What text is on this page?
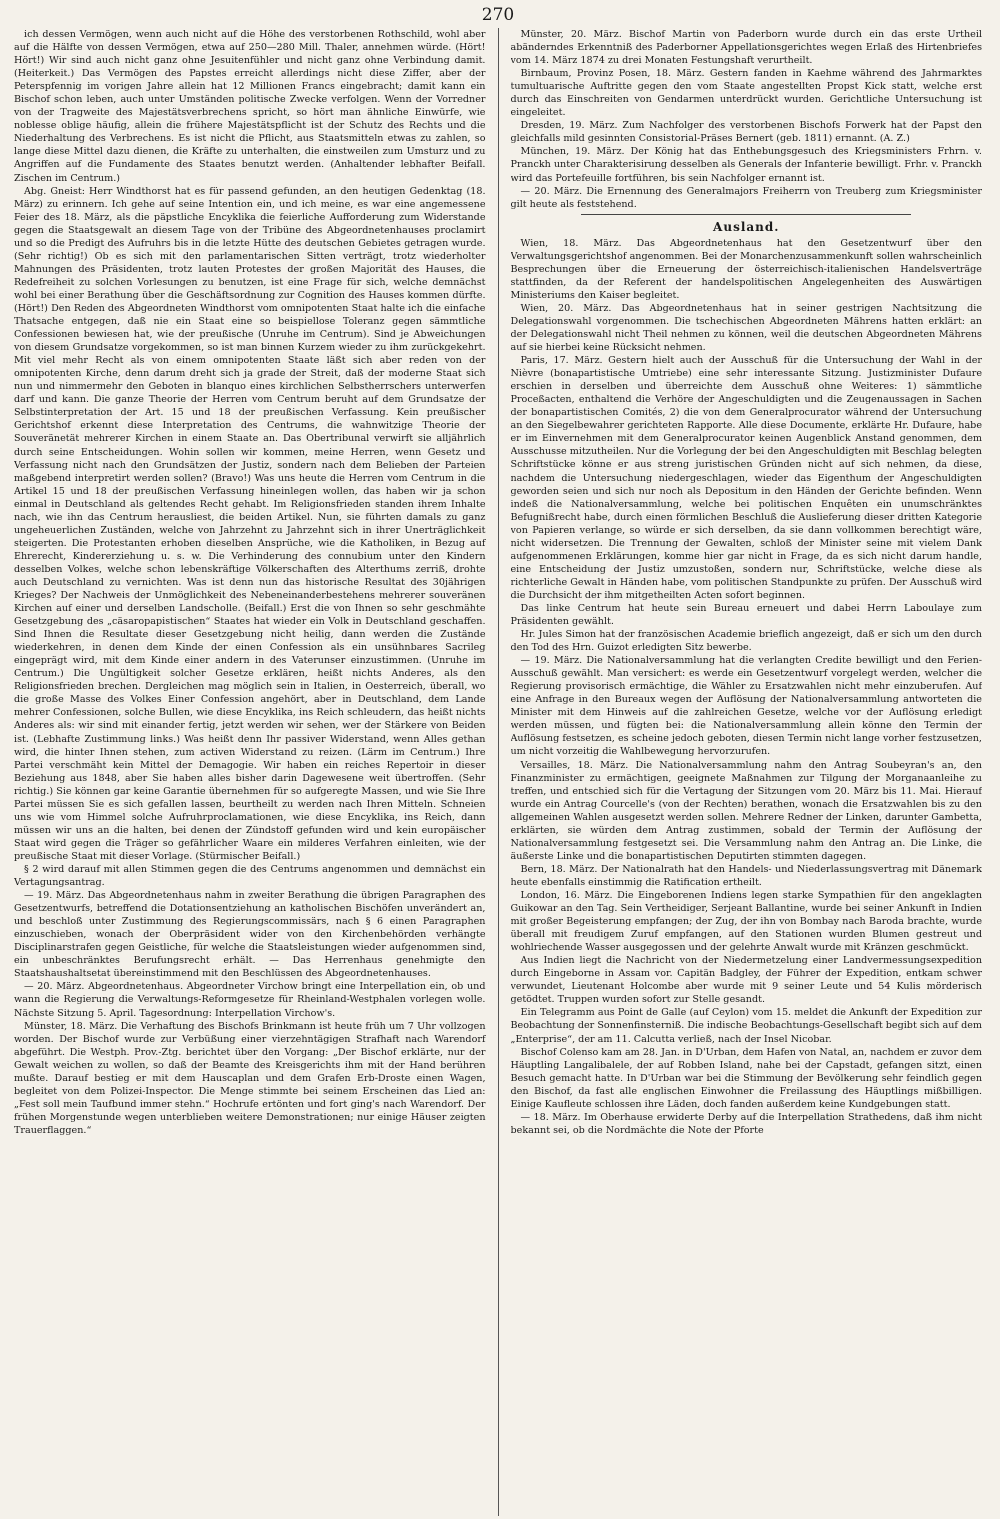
270

ich dessen Vermögen, wenn auch nicht auf die Höhe des verstorbenen Rothschild, wohl aber auf die Hälfte von dessen Vermögen, etwa auf 250—280 Mill. Thaler, annehmen würde. (Hört! Hört!) Wir sind auch nicht ganz ohne Jesuitenfühler und nicht ganz ohne Verbindung damit. (Heiterkeit.) Das Vermögen des Papstes erreicht allerdings nicht diese Ziffer, aber der Peterspfennig im vorigen Jahre allein hat 12 Millionen Francs eingebracht; damit kann ein Bischof schon leben, auch unter Umständen politische Zwecke verfolgen. Wenn der Vorredner von der Tragweite des Majestätsverbrechens spricht, so hört man ähnliche Einwürfe, wie noblesse oblige häufig, allein die frühere Majestätspflicht ist der Schutz des Rechts und die Niederhaltung des Verbrechens. Es ist nicht die Pflicht, aus Staatsmitteln etwas zu zahlen, so lange diese Mittel dazu dienen, die Kräfte zu unterhalten, die einstweilen zum Umsturz und zu Angriffen auf die Fundamente des Staates benutzt werden. (Anhaltender lebhafter Beifall. Zischen im Centrum.)

Abg. Gneist: Herr Windthorst hat es für passend gefunden, an den heutigen Gedenktag (18. März) zu erinnern. Ich gehe auf seine Intention ein, und ich meine, es war eine angemessene Feier des 18. März, als die päpstliche Encyklika die feierliche Aufforderung zum Widerstande gegen die Staatsgewalt an diesem Tage von der Tribüne des Abgeordnetenhauses proclamirt und so die Predigt des Aufruhrs bis in die letzte Hütte des deutschen Gebietes getragen wurde. (Sehr richtig!) Ob es sich mit den parlamentarischen Sitten verträgt, trotz wiederholter Mahnungen des Präsidenten, trotz lauten Protestes der großen Majorität des Hauses, die Redefreiheit zu solchen Vorlesungen zu benutzen, ist eine Frage für sich, welche demnächst wohl bei einer Berathung über die Geschäftsordnung zur Cognition des Hauses kommen dürfte. (Hört!) Den Reden des Abgeordneten Windthorst vom omnipotenten Staat halte ich die einfache Thatsache entgegen, daß nie ein Staat eine so beispiellose Toleranz gegen sämmtliche Confessionen bewiesen hat, wie der preußische (Unruhe im Centrum). Sind je Abweichungen von diesem Grundsatze vorgekommen, so ist man binnen Kurzem wieder zu ihm zurückgekehrt. Mit viel mehr Recht als von einem omnipotenten Staate läßt sich aber reden von der omnipotenten Kirche, denn darum dreht sich ja grade der Streit, daß der moderne Staat sich nun und nimmermehr den Geboten in blanquo eines kirchlichen Selbstherrschers unterwerfen darf und kann. Die ganze Theorie der Herren vom Centrum beruht auf dem Grundsatze der Selbstinterpretation der Art. 15 und 18 der preußischen Verfassung. Kein preußischer Gerichtshof erkennt diese Interpretation des Centrums, die wahnwitzige Theorie der Souveränetät mehrerer Kirchen in einem Staate an. Das Obertribunal verwirft sie alljährlich durch seine Entscheidungen. Wohin sollen wir kommen, meine Herren, wenn Gesetz und Verfassung nicht nach den Grundsätzen der Justiz, sondern nach dem Belieben der Parteien maßgebend interpretirt werden sollen? (Bravo!) Was uns heute die Herren vom Centrum in die Artikel 15 und 18 der preußischen Verfassung hineinlegen wollen, das haben wir ja schon einmal in Deutschland als geltendes Recht gehabt. Im Religionsfrieden standen ihrem Inhalte nach, wie ihn das Centrum herausliest, die beiden Artikel. Nun, sie führten damals zu ganz ungeheuerlichen Zuständen, welche von Jahrzehnt zu Jahrzehnt sich in ihrer Unerträglichkeit steigerten. Die Protestanten erhoben dieselben Ansprüche, wie die Katholiken, in Bezug auf Ehrerecht, Kindererziehung u. s. w. Die Verhinderung des connubium unter den Kindern desselben Volkes, welche schon lebenskräftige Völkerschaften des Alterthums zerriß, drohte auch Deutschland zu vernichten. Was ist denn nun das historische Resultat des 30jährigen Krieges? Der Nachweis der Unmöglichkeit des Nebeneinanderbestehens mehrerer souveränen Kirchen auf einer und derselben Landscholle. (Beifall.) Erst die von Ihnen so sehr geschmähte Gesetzgebung des „cäsaropapistischen“ Staates hat wieder ein Volk in Deutschland geschaffen. Sind Ihnen die Resultate dieser Gesetzgebung nicht heilig, dann werden die Zustände wiederkehren, in denen dem Kinde der einen Confession als ein unsühnbares Sacrileg eingeprägt wird, mit dem Kinde einer andern in des Vaterunser einzustimmen. (Unruhe im Centrum.) Die Ungültigkeit solcher Gesetze erklären, heißt nichts Anderes, als den Religionsfrieden brechen. Dergleichen mag möglich sein in Italien, in Oesterreich, überall, wo die große Masse des Volkes Einer Confession angehört, aber in Deutschland, dem Lande mehrer Confessionen, solche Bullen, wie diese Encyklika, ins Reich schleudern, das heißt nichts Anderes als: wir sind mit einander fertig, jetzt werden wir sehen, wer der Stärkere von Beiden ist. (Lebhafte Zustimmung links.) Was heißt denn Ihr passiver Widerstand, wenn Alles gethan wird, die hinter Ihnen stehen, zum activen Widerstand zu reizen. (Lärm im Centrum.) Ihre Partei verschmäht kein Mittel der Demagogie. Wir haben ein reiches Repertoir in dieser Beziehung aus 1848, aber Sie haben alles bisher darin Dagewesene weit übertroffen. (Sehr richtig.) Sie können gar keine Garantie übernehmen für so aufgeregte Massen, und wie Sie Ihre Partei müssen Sie es sich gefallen lassen, beurtheilt zu werden nach Ihren Mitteln. Schneien uns wie vom Himmel solche Aufruhrproclamationen, wie diese Encyklika, ins Reich, dann müssen wir uns an die halten, bei denen der Zündstoff gefunden wird und kein europäischer Staat wird gegen die Träger so gefährlicher Waare ein milderes Verfahren einleiten, wie der preußische Staat mit dieser Vorlage. (Stürmischer Beifall.)

§ 2 wird darauf mit allen Stimmen gegen die des Centrums angenommen und demnächst ein Vertagungsantrag.

— 19. März. Das Abgeordnetenhaus nahm in zweiter Berathung die übrigen Paragraphen des Gesetzentwurfs, betreffend die Dotationsentziehung an katholischen Bischöfen unverändert an, und beschloß unter Zustimmung des Regierungscommissärs, nach § 6 einen Paragraphen einzuschieben, wonach der Oberpräsident wider von den Kirchenbehörden verhängte Disciplinarstrafen gegen Geistliche, für welche die Staatsleistungen wieder aufgenommen sind, ein unbeschränktes Berufungsrecht erhält. — Das Herrenhaus genehmigte den Staatshaushaltsetat übereinstimmend mit den Beschlüssen des Abgeordnetenhauses.

— 20. März. Abgeordnetenhaus. Abgeordneter Virchow bringt eine Interpellation ein, ob und wann die Regierung die Verwaltungs-Reformgesetze für Rheinland-Westphalen vorlegen wolle. Nächste Sitzung 5. April. Tagesordnung: Interpellation Virchow's.

Münster, 18. März. Die Verhaftung des Bischofs Brinkmann ist heute früh um 7 Uhr vollzogen worden. Der Bischof wurde zur Verbüßung einer vierzehntägigen Strafhaft nach Warendorf abgeführt. Die Westph. Prov.-Ztg. berichtet über den Vorgang: „Der Bischof erklärte, nur der Gewalt weichen zu wollen, so daß der Beamte des Kreisgerichts ihm mit der Hand berühren mußte. Darauf bestieg er mit dem Hauscaplan und dem Grafen Erb-Droste einen Wagen, begleitet von dem Polizei-Inspector. Die Menge stimmte bei seinem Erscheinen das Lied an: „Fest soll mein Taufbund immer stehn.“ Hochrufe ertönten und fort ging's nach Warendorf. Der frühen Morgenstunde wegen unterblieben weitere Demonstrationen; nur einige Häuser zeigten Trauerflaggen.“

Münster, 20. März. Bischof Martin von Paderborn wurde durch ein das erste Urtheil abänderndes Erkenntniß des Paderborner Appellationsgerichtes wegen Erlaß des Hirtenbriefes vom 14. März 1874 zu drei Monaten Festungshaft verurtheilt.

Birnbaum, Provinz Posen, 18. März. Gestern fanden in Kaehme während des Jahrmarktes tumultuarische Auftritte gegen den vom Staate angestellten Propst Kick statt, welche erst durch das Einschreiten von Gendarmen unterdrückt wurden. Gerichtliche Untersuchung ist eingeleitet.

Dresden, 19. März. Zum Nachfolger des verstorbenen Bischofs Forwerk hat der Papst den gleichfalls mild gesinnten Consistorial-Präses Bernert (geb. 1811) ernannt. (A. Z.)

München, 19. März. Der König hat das Enthebungsgesuch des Kriegsministers Frhrn. v. Pranckh unter Charakterisirung desselben als Generals der Infanterie bewilligt. Frhr. v. Pranckh wird das Portefeuille fortführen, bis sein Nachfolger ernannt ist.

— 20. März. Die Ernennung des Generalmajors Freiherrn von Treuberg zum Kriegsminister gilt heute als feststehend.

Ausland.

Wien, 18. März. Das Abgeordnetenhaus hat den Gesetzentwurf über den Verwaltungsgerichtshof angenommen. Bei der Monarchenzusammenkunft sollen wahrscheinlich Besprechungen über die Erneuerung der österreichisch-italienischen Handelsverträge stattfinden, da der Referent der handelspolitischen Angelegenheiten des Auswärtigen Ministeriums den Kaiser begleitet.

Wien, 20. März. Das Abgeordnetenhaus hat in seiner gestrigen Nachtsitzung die Delegationswahl vorgenommen. Die tschechischen Abgeordneten Mährens hatten erklärt: an der Delegationswahl nicht Theil nehmen zu können, weil die deutschen Abgeordneten Mährens auf sie hierbei keine Rücksicht nehmen.

Paris, 17. März. Gestern hielt auch der Ausschuß für die Untersuchung der Wahl in der Nièvre (bonapartistische Umtriebe) eine sehr interessante Sitzung. Justizminister Dufaure erschien in derselben und überreichte dem Ausschuß ohne Weiteres: 1) sämmtliche Proceßacten, enthaltend die Verhöre der Angeschuldigten und die Zeugenaussagen in Sachen der bonapartistischen Comités, 2) die von dem Generalprocurator während der Untersuchung an den Siegelbewahrer gerichteten Rapporte. Alle diese Documente, erklärte Hr. Dufaure, habe er im Einvernehmen mit dem Generalprocurator keinen Augenblick Anstand genommen, dem Ausschusse mitzutheilen. Nur die Vorlegung der bei den Angeschuldigten mit Beschlag belegten Schriftstücke könne er aus streng juristischen Gründen nicht auf sich nehmen, da diese, nachdem die Untersuchung niedergeschlagen, wieder das Eigenthum der Angeschuldigten geworden seien und sich nur noch als Depositum in den Händen der Gerichte befinden. Wenn indeß die Nationalversammlung, welche bei politischen Enquêten ein unumschränktes Befugnißrecht habe, durch einen förmlichen Beschluß die Auslieferung dieser dritten Kategorie von Papieren verlange, so würde er sich derselben, da sie dann vollkommen berechtigt wäre, nicht widersetzen. Die Trennung der Gewalten, schloß der Minister seine mit vielem Dank aufgenommenen Erklärungen, komme hier gar nicht in Frage, da es sich nicht darum handle, eine Entscheidung der Justiz umzustoßen, sondern nur, Schriftstücke, welche diese als richterliche Gewalt in Händen habe, vom politischen Standpunkte zu prüfen. Der Ausschuß wird die Durchsicht der ihm mitgetheilten Acten sofort beginnen.

Das linke Centrum hat heute sein Bureau erneuert und dabei Herrn Laboulaye zum Präsidenten gewählt.

Hr. Jules Simon hat der französischen Academie brieflich angezeigt, daß er sich um den durch den Tod des Hrn. Guizot erledigten Sitz bewerbe.

— 19. März. Die Nationalversammlung hat die verlangten Credite bewilligt und den Ferien-Ausschuß gewählt. Man versichert: es werde ein Gesetzentwurf vorgelegt werden, welcher die Regierung provisorisch ermächtige, die Wähler zu Ersatzwahlen nicht mehr einzuberufen. Auf eine Anfrage in den Bureaux wegen der Auflösung der Nationalversammlung antworteten die Minister mit dem Hinweis auf die zahlreichen Gesetze, welche vor der Auflösung erledigt werden müssen, und fügten bei: die Nationalversammlung allein könne den Termin der Auflösung festsetzen, es scheine jedoch geboten, diesen Termin nicht lange vorher festzusetzen, um nicht vorzeitig die Wahlbewegung hervorzurufen.

Versailles, 18. März. Die Nationalversammlung nahm den Antrag Soubeyran's an, den Finanzminister zu ermächtigen, geeignete Maßnahmen zur Tilgung der Morganaanleihe zu treffen, und entschied sich für die Vertagung der Sitzungen vom 20. März bis 11. Mai. Hierauf wurde ein Antrag Courcelle's (von der Rechten) berathen, wonach die Ersatzwahlen bis zu den allgemeinen Wahlen ausgesetzt werden sollen. Mehrere Redner der Linken, darunter Gambetta, erklärten, sie würden dem Antrag zustimmen, sobald der Termin der Auflösung der Nationalversammlung festgesetzt sei. Die Versammlung nahm den Antrag an. Die Linke, die äußerste Linke und die bonapartistischen Deputirten stimmten dagegen.

Bern, 18. März. Der Nationalrath hat den Handels- und Niederlassungsvertrag mit Dänemark heute ebenfalls einstimmig die Ratification ertheilt.

London, 16. März. Die Eingeborenen Indiens legen starke Sympathien für den angeklagten Guikowar an den Tag. Sein Vertheidiger, Serjeant Ballantine, wurde bei seiner Ankunft in Indien mit großer Begeisterung empfangen; der Zug, der ihn von Bombay nach Baroda brachte, wurde überall mit freudigem Zuruf empfangen, auf den Stationen wurden Blumen gestreut und wohlriechende Wasser ausgegossen und der gelehrte Anwalt wurde mit Kränzen geschmückt.

Aus Indien liegt die Nachricht von der Niedermetzelung einer Landvermessungsexpedition durch Eingeborne in Assam vor. Capitän Badgley, der Führer der Expedition, entkam schwer verwundet, Lieutenant Holcombe aber wurde mit 9 seiner Leute und 54 Kulis mörderisch getödtet. Truppen wurden sofort zur Stelle gesandt.

Ein Telegramm aus Point de Galle (auf Ceylon) vom 15. meldet die Ankunft der Expedition zur Beobachtung der Sonnenfinsterniß. Die indische Beobachtungs-Gesellschaft begibt sich auf dem „Enterprise“, der am 11. Calcutta verließ, nach der Insel Nicobar.

Bischof Colenso kam am 28. Jan. in D'Urban, dem Hafen von Natal, an, nachdem er zuvor dem Häuptling Langalibalele, der auf Robben Island, nahe bei der Capstadt, gefangen sitzt, einen Besuch gemacht hatte. In D'Urban war bei die Stimmung der Bevölkerung sehr feindlich gegen den Bischof, da fast alle englischen Einwohner die Freilassung des Häuptlings mißbilligen. Einige Kaufleute schlossen ihre Läden, doch fanden außerdem keine Kundgebungen statt.

— 18. März. Im Oberhause erwiderte Derby auf die Interpellation Strathedens, daß ihm nicht bekannt sei, ob die Nordmächte die Note der Pforte
